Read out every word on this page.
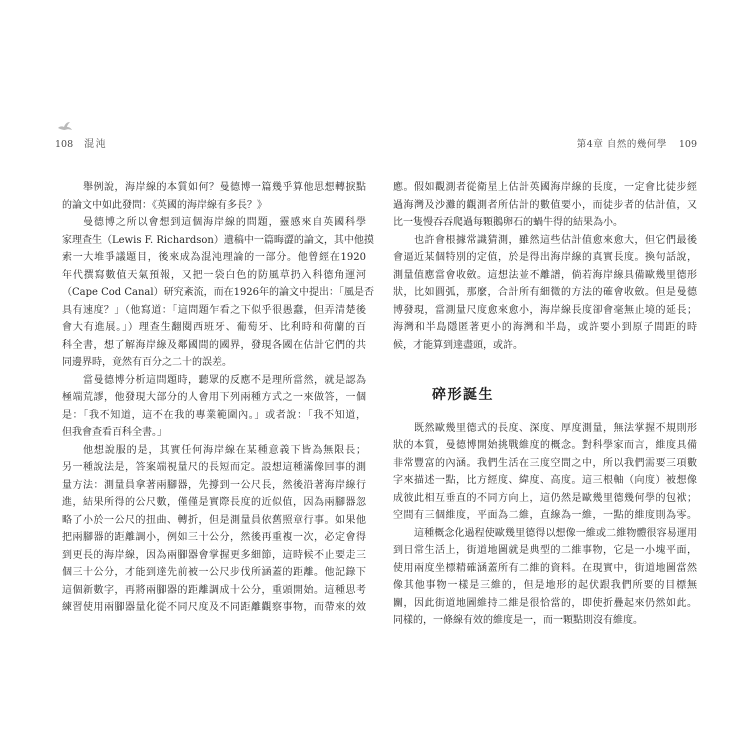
108 混沌
舉例說，海岸線的本質如何？曼德博一篇幾乎算他思想轉捩點
的論文中如此發問：《英國的海岸線有多長？》
曼德博之所以會想到這個海岸線的問題，靈感來自英國科學
家理查生（Lewis F. Richardson）遺稿中一篇晦澀的論文，其中他摸
索一大堆爭議題目，後來成為混沌理論的一部分。他曾經在1920
年代撰寫數值天氣預報，又把一袋白色的防風草扔入科德角運河
（Cape Cod Canal）研究紊流，而在1926年的論文中提出：「風是否
具有速度？」（他寫道：「這問題乍看之下似乎很愚蠢，但弄清楚後
會大有進展。」）理查生翻閱西班牙、葡萄牙、比利時和荷蘭的百
科全書，想了解海岸線及鄰國間的國界，發現各國在估計它們的共
同邊界時，竟然有百分之二十的誤差。
當曼德博分析這問題時，聽眾的反應不是理所當然，就是認為
極端荒謬，他發現大部分的人會用下列兩種方式之一來做答，一個
是：「我不知道，這不在我的專業範圍內。」或者說：「我不知道，
但我會查看百科全書。」
他想說服的是，其實任何海岸線在某種意義下皆為無限長；
另一種說法是，答案端視量尺的長短而定。設想這種滿像回事的測
量方法：測量員拿著兩腳器，先撐到一公尺長，然後沿著海岸線行
進，結果所得的公尺數，僅僅是實際長度的近似值，因為兩腳器忽
略了小於一公尺的扭曲、轉折，但是測量員依舊照章行事。如果他
把兩腳器的距離調小，例如三十公分，然後再重複一次，必定會得
到更長的海岸線，因為兩腳器會掌握更多細節，這時候不止要走三
個三十公分，才能到達先前被一公尺步伐所涵蓋的距離。他記錄下
這個新數字，再將兩腳器的距離調成十公分，重頭開始。這種思考
練習使用兩腳器量化從不同尺度及不同距離觀察事物，而帶來的效
第4章 自然的幾何學 109
應。假如觀測者從衛星上估計英國海岸線的長度，一定會比徒步經
過海灣及沙灘的觀測者所估計的數值要小，而徒步者的估計值，又
比一隻慢吞吞爬過每顆鵝卵石的蝸牛得的結果為小。
也許會根據常識猜測，雖然這些估計值愈來愈大，但它們最後
會逼近某個特別的定值，於是得出海岸線的真實長度。換句話說，
測量值應當會收斂。這想法並不離譜，倘若海岸線具備歐幾里德形
狀，比如圓弧，那麼，合計所有細微的方法的確會收斂。但是曼德
博發現，當測量尺度愈來愈小，海岸線長度卻會毫無止境的延長；
海灣和半島隱匿著更小的海灣和半島，或許要小到原子間距的時
候，才能算到達盡頭，或許。
碎形誕生
既然歐幾里德式的長度、深度、厚度測量，無法掌握不規則形
狀的本質，曼德博開始挑戰維度的概念。對科學家而言，維度具備
非常豐富的內涵。我們生活在三度空間之中，所以我們需要三項數
字來描述一點，比方經度、緯度、高度。這三根軸（向度）被想像
成彼此相互垂直的不同方向上，這仍然是歐幾里德幾何學的包袱；
空間有三個維度，平面為二維，直線為一維，一點的維度則為零。
這種概念化過程使歐幾里德得以想像一維或二維物體很容易運用
到日常生活上，街道地圖就是典型的二維事物，它是一小塊平面，
使用兩度坐標精確涵蓋所有二維的資料。在現實中，街道地圖當然
像其他事物一樣是三維的，但是地形的起伏跟我們所要的目標無
關，因此街道地圖維持二維是很恰當的，即使折疊起來仍然如此。
同樣的，一條線有效的維度是一，而一顆點則沒有維度。
